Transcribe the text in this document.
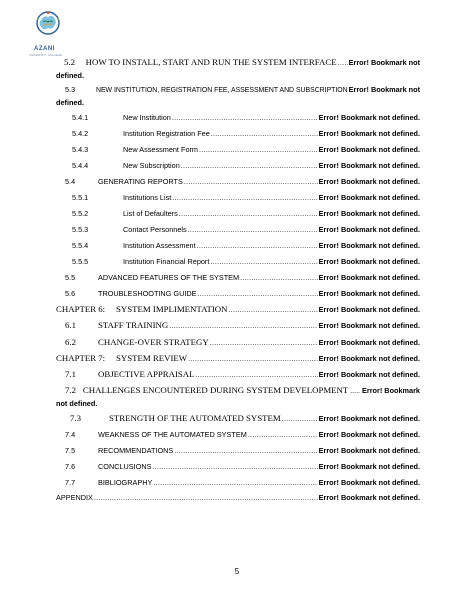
AZANI
UNIVERSITY COLLEGE
5.2	HOW TO INSTALL, START AND RUN THE SYSTEM INTERFACE ..... Error! Bookmark not
defined.
5.3	NEW INSTITUTION, REGISTRATION FEE, ASSESSMENT AND SUBSCRIPTION Error! Bookmark not
defined.
5.4.1	New Institution .....	Error! Bookmark not defined.
5.4.2	Institution Registration Fee .....	Error! Bookmark not defined.
5.4.3	New Assessment Form .....	Error! Bookmark not defined.
5.4.4	New Subscription .....	Error! Bookmark not defined.
5.4	GENERATING REPORTS .....	Error! Bookmark not defined.
5.5.1	Institutions List .....	Error! Bookmark not defined.
5.5.2	List of Defaulters .....	Error! Bookmark not defined.
5.5.3	Contact Personnels .....	Error! Bookmark not defined.
5.5.4	Institution Assessment .....	Error! Bookmark not defined.
5.5.5	Institution Financial Report .....	Error! Bookmark not defined.
5.5	ADVANCED FEATURES OF THE SYSTEM .....	Error! Bookmark not defined.
5.6	TROUBLESHOOTING GUIDE .....	Error! Bookmark not defined.
CHAPTER 6:	SYSTEM IMPLIMENTATION .....	Error! Bookmark not defined.
6.1	STAFF TRAINING .....	Error! Bookmark not defined.
6.2	CHANGE-OVER STRATEGY .....	Error! Bookmark not defined.
CHAPTER 7:	SYSTEM REVIEW .....	Error! Bookmark not defined.
7.1	OBJECTIVE APPRAISAL .....	Error! Bookmark not defined.
7.2 CHALLENGES ENCOUNTERED DURING SYSTEM DEVELOPMENT ..... Error! Bookmark
not defined.
7.3	STRENGTH OF THE AUTOMATED SYSTEM .....	Error! Bookmark not defined.
7.4	WEAKNESS OF THE AUTOMATED SYSTEM .....	Error! Bookmark not defined.
7.5	RECOMMENDATIONS .....	Error! Bookmark not defined.
7.6	CONCLUSIONS .....	Error! Bookmark not defined.
7.7	BIBLIOGRAPHY .....	Error! Bookmark not defined.
APPENDIX .....	Error! Bookmark not defined.
5
